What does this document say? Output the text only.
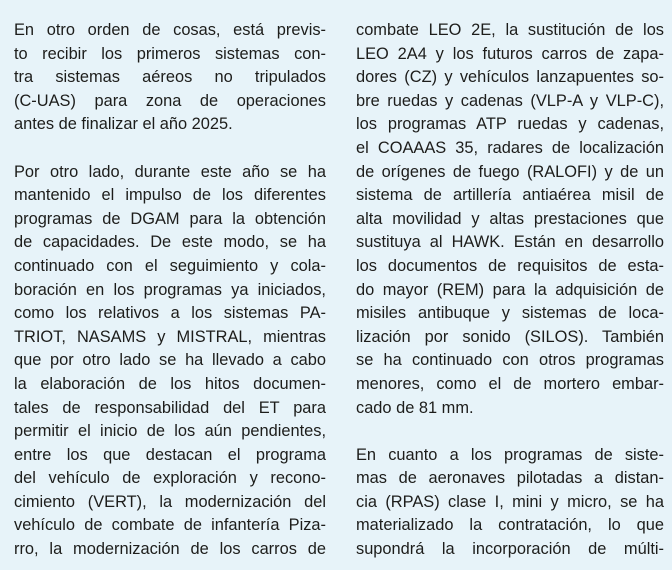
En otro orden de cosas, está previs-
to recibir los primeros sistemas con-
tra sistemas aéreos no tripulados
(C-UAS) para zona de operaciones
antes de finalizar el año 2025.
Por otro lado, durante este año se ha
mantenido el impulso de los diferentes
programas de DGAM para la obtención
de capacidades. De este modo, se ha
continuado con el seguimiento y cola-
boración en los programas ya iniciados,
como los relativos a los sistemas PA-
TRIOT, NASAMS y MISTRAL, mientras
que por otro lado se ha llevado a cabo
la elaboración de los hitos documen-
tales de responsabilidad del ET para
permitir el inicio de los aún pendientes,
entre los que destacan el programa
del vehículo de exploración y recono-
cimiento (VERT), la modernización del
vehículo de combate de infantería Piza-
rro, la modernización de los carros de
combate LEO 2E, la sustitución de los
LEO 2A4 y los futuros carros de zapa-
dores (CZ) y vehículos lanzapuentes so-
bre ruedas y cadenas (VLP-A y VLP-C),
los programas ATP ruedas y cadenas,
el COAAAS 35, radares de localización
de orígenes de fuego (RALOFI) y de un
sistema de artillería antiaérea misil de
alta movilidad y altas prestaciones que
sustituya al HAWK. Están en desarrollo
los documentos de requisitos de esta-
do mayor (REM) para la adquisición de
misiles antibuque y sistemas de loca-
lización por sonido (SILOS). También
se ha continuado con otros programas
menores, como el de mortero embar-
cado de 81 mm.
En cuanto a los programas de siste-
mas de aeronaves pilotadas a distan-
cia (RPAS) clase I, mini y micro, se ha
materializado la contratación, lo que
supondrá la incorporación de múlti-
